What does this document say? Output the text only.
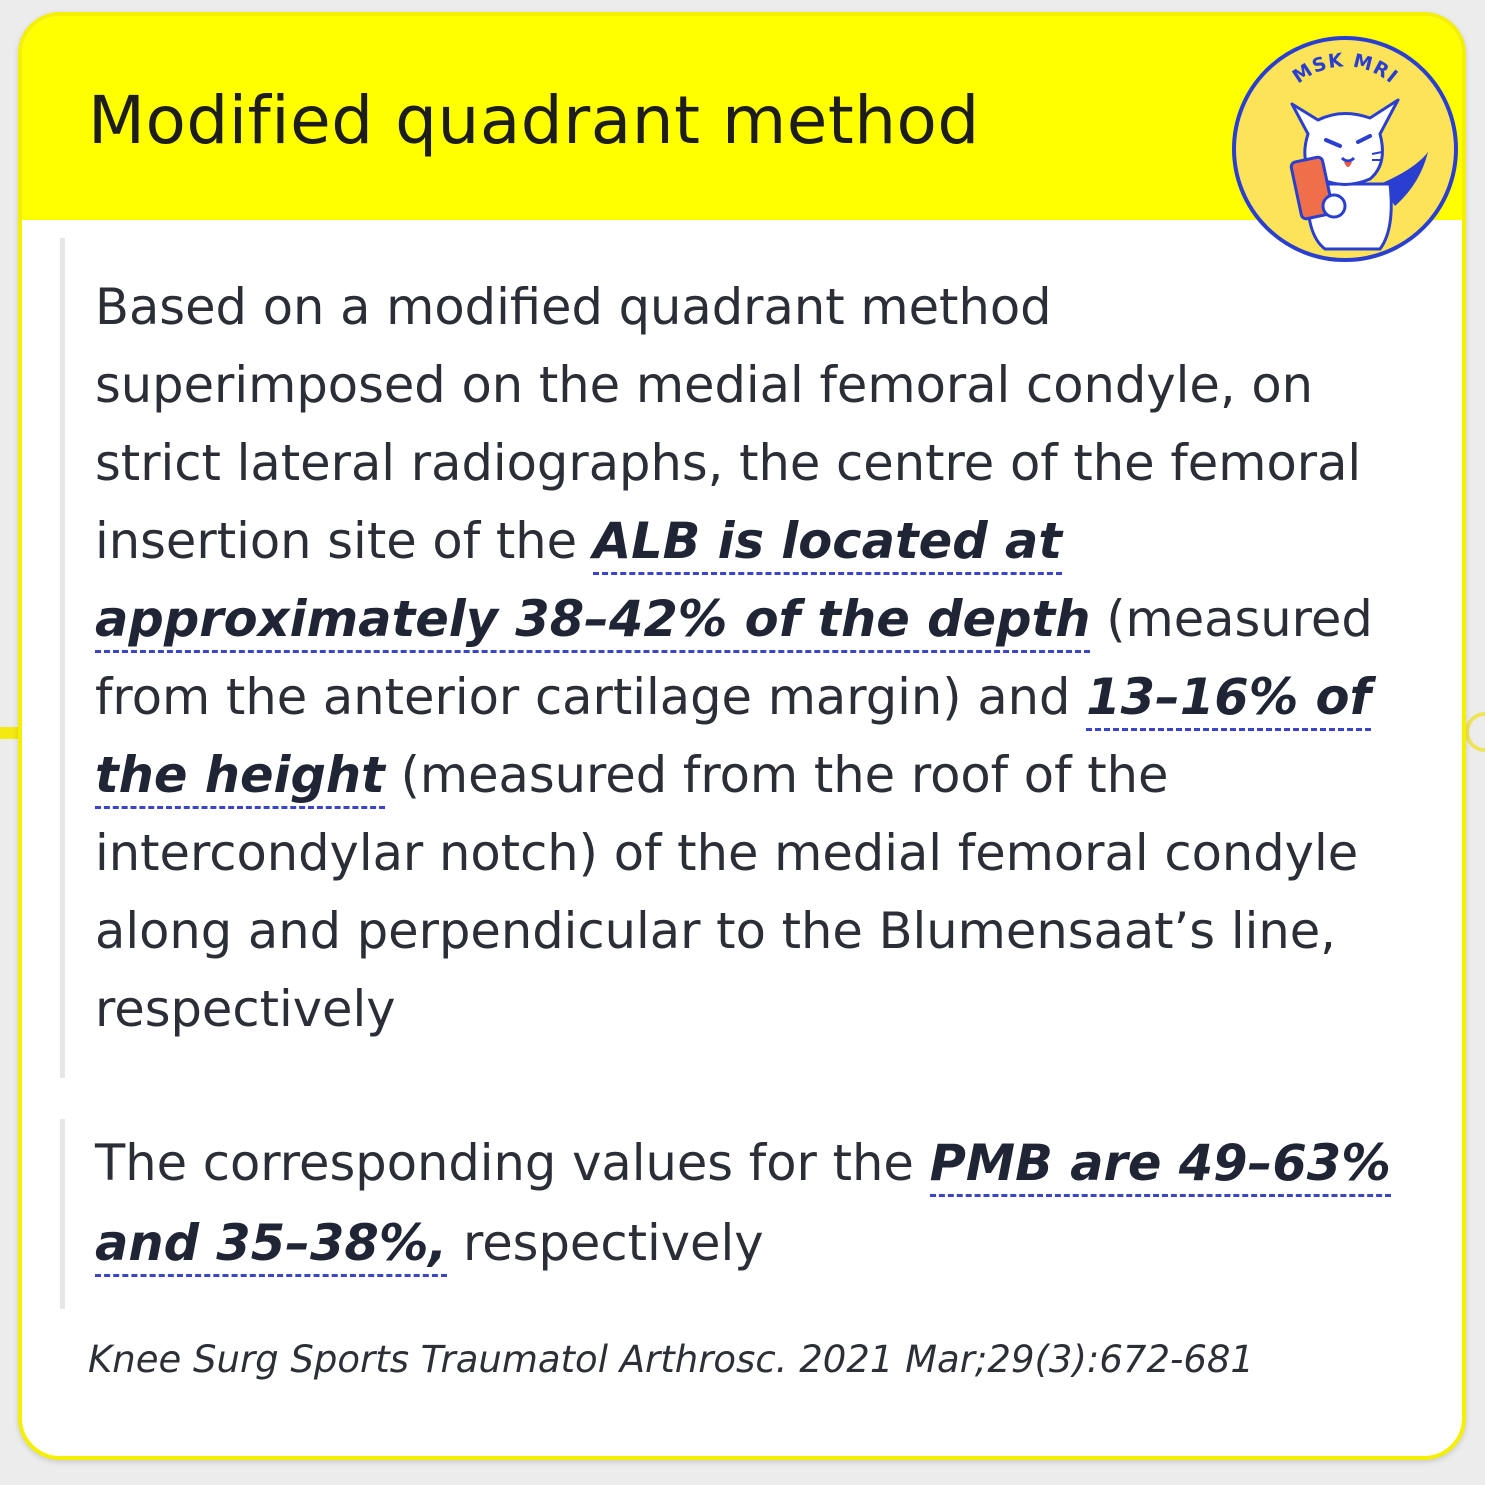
Modified quadrant method
MSK MRI

Based on a modified quadrant method superimposed on the medial femoral condyle, on strict lateral radiographs, the centre of the femoral insertion site of the ALB is located at approximately 38–42% of the depth (measured from the anterior cartilage margin) and 13–16% of the height (measured from the roof of the intercondylar notch) of the medial femoral condyle along and perpendicular to the Blumensaat’s line, respectively

The corresponding values for the PMB are 49–63% and 35–38%, respectively

Knee Surg Sports Traumatol Arthrosc. 2021 Mar;29(3):672-681
